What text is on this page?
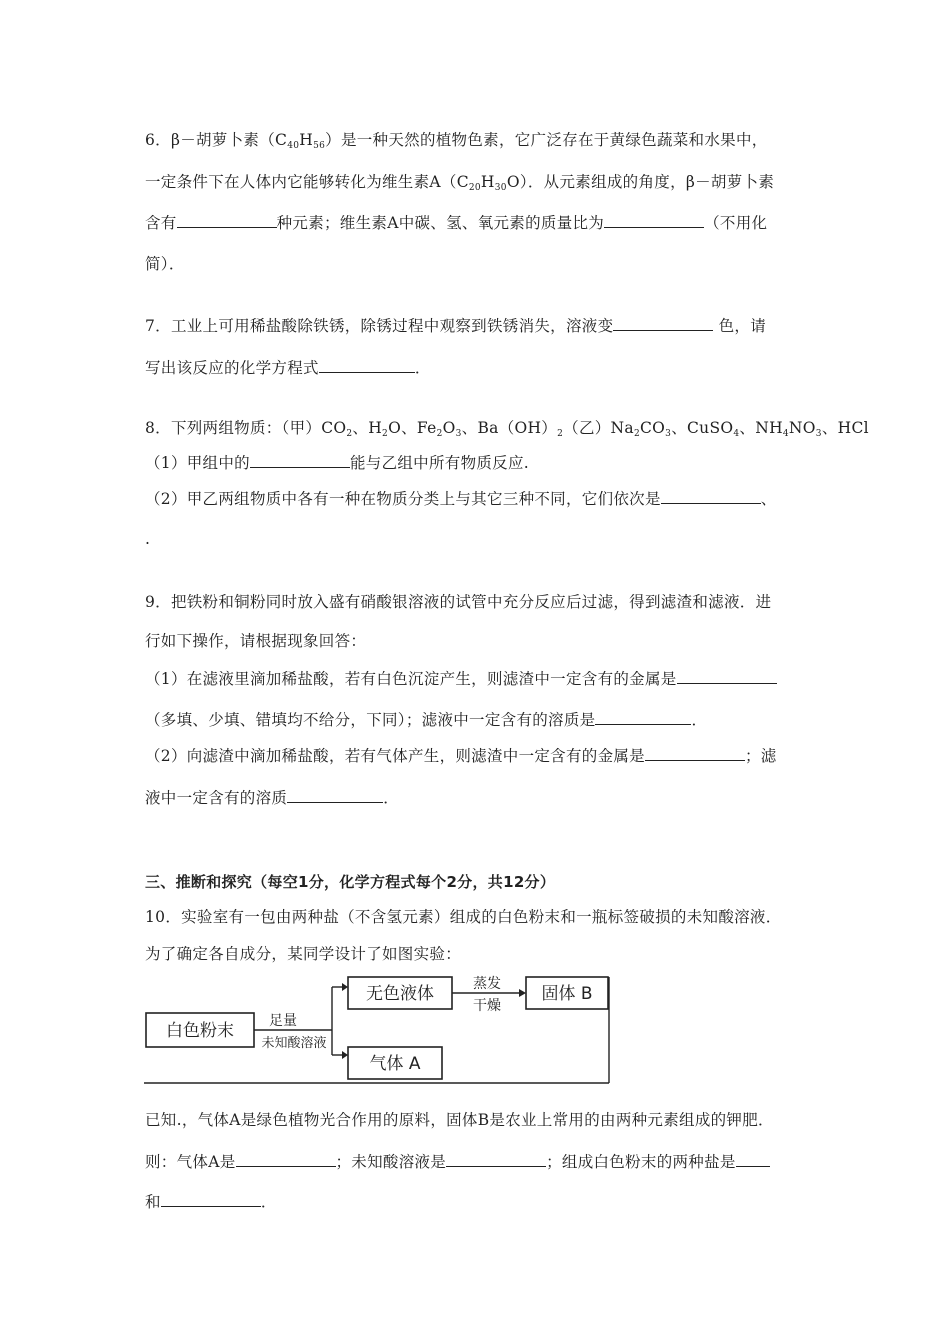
6．β－胡萝卜素$(C_{40}H_{56})$是一种天然的植物色素，它广泛存在于黄绿色蔬菜和水果中，
一定条件下在人体内它能够转化为维生素$A(C_{20}H_{30}O)$．从元素组成的角度，β－胡萝卜素
含有	种元素；维生素A中碳、氢、氧元素的质量比为	（不用化
简）．
7．工业上可用稀盐酸除铁锈，除锈过程中观察到铁锈消失，溶液变	色，请
写出该反应的化学方程式	．
8．下列两组物质：（甲）$CO_2$、$H_2O$、$Fe_2O_3$、$Ba(OH)_2$（乙）$Na_2CO_3$、CuSO$_4$、$NH_4NO_3$、HCl
（1）甲组中的	能与乙组中所有物质反应.
（2）甲乙两组物质中各有一种在物质分类上与其它三种不同，它们依次是	、
.
9．把铁粉和铜粉同时放入盛有硝酸银溶液的试管中充分反应后过滤，得到滤渣和滤液．进
行如下操作，请根据现象回答：
（1）在滤液里滴加稀盐酸，若有白色沉淀产生，则滤渣中一定含有的金属是
（多填、少填、错填均不给分，下同）；滤液中一定含有的溶质是	．
（2）向滤渣中滴加稀盐酸，若有气体产生，则滤渣中一定含有的金属是	；滤
液中一定含有的溶质	．
三、推断和探究（每空1分，化学方程式每个2分，共12分）
10．实验室有一包由两种盐（不含氢元素）组成的白色粉末和一瓶标签破损的未知酸溶液．
为了确定各自成分，某同学设计了如图实验：
白色粉末	足量
未知酸溶液
无色液体	蒸发
干燥
固体 B
气体 A
已知.，气体A是绿色植物光合作用的原料，固体B是农业上常用的由两种元素组成的钾肥．
则：气体A是	；未知酸溶液是	；组成白色粉末的两种盐是
和	．
